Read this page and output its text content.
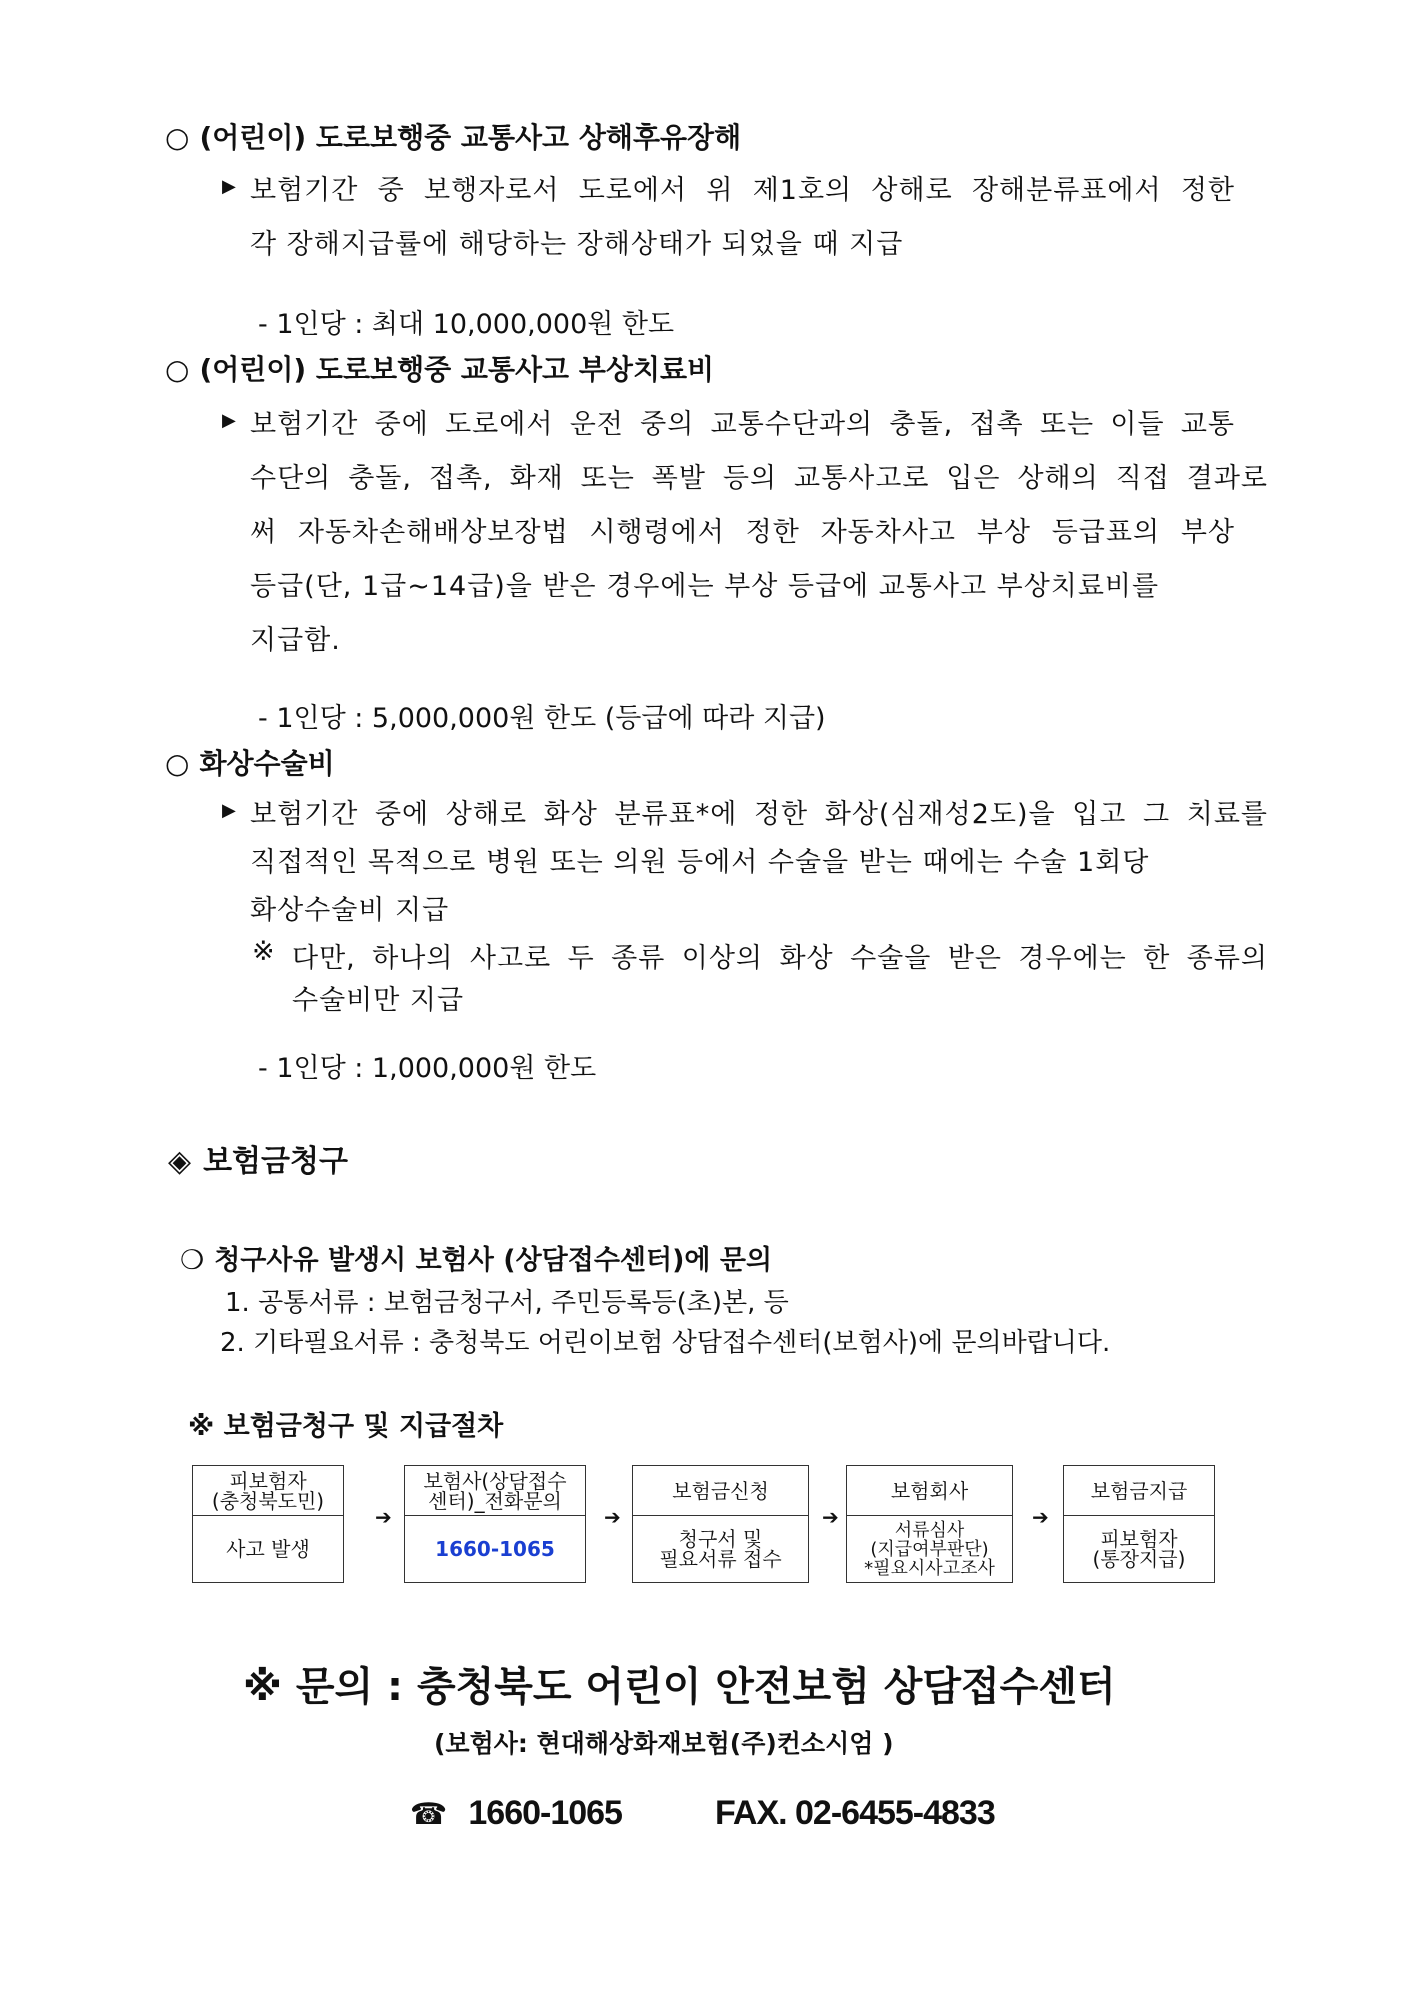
○ (어린이) 도로보행중 교통사고 상해후유장해
▶ 보험기간 중 보행자로서 도로에서 위 제1호의 상해로 장해분류표에서 정한
각 장해지급률에 해당하는 장해상태가 되었을 때 지급
- 1인당 : 최대 10,000,000원 한도
○ (어린이) 도로보행중 교통사고 부상치료비
▶ 보험기간 중에 도로에서 운전 중의 교통수단과의 충돌, 접촉 또는 이들 교통
수단의 충돌, 접촉, 화재 또는 폭발 등의 교통사고로 입은 상해의 직접 결과로
써 자동차손해배상보장법 시행령에서 정한 자동차사고 부상 등급표의 부상
등급(단, 1급~14급)을 받은 경우에는 부상 등급에 교통사고 부상치료비를
지급함.
- 1인당 : 5,000,000원 한도 (등급에 따라 지급)
○ 화상수술비
▶ 보험기간 중에 상해로 화상 분류표*에 정한 화상(심재성2도)을 입고 그 치료를
직접적인 목적으로 병원 또는 의원 등에서 수술을 받는 때에는 수술 1회당
화상수술비 지급
※ 다만, 하나의 사고로 두 종류 이상의 화상 수술을 받은 경우에는 한 종류의
수술비만 지급
- 1인당 : 1,000,000원 한도
◈ 보험금청구
❍ 청구사유 발생시 보험사 (상담접수센터)에 문의
1. 공통서류 : 보험금청구서, 주민등록등(초)본, 등
2. 기타필요서류 : 충청북도 어린이보험 상담접수센터(보험사)에 문의바랍니다.
※ 보험금청구 및 지급절차
피보험자
(충청북도민)
사고 발생
➔
보험사(상담접수
센터)_전화문의
1660-1065
➔
보험금신청
청구서 및
필요서류 접수
➔
보험회사
서류심사
(지급여부판단)
*필요시사고조사
➔
보험금지급
피보험자
(통장지급)
※ 문의 : 충청북도 어린이 안전보험 상담접수센터
(보험사: 현대해상화재보험(주)컨소시엄 )
☎ 1660-1065	FAX. 02-6455-4833
